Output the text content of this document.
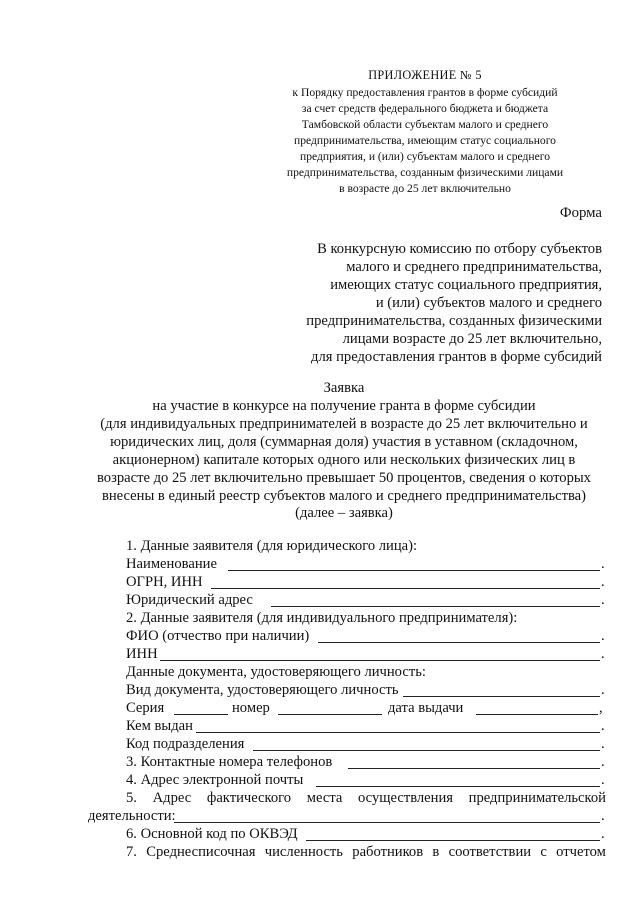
ПРИЛОЖЕНИЕ № 5
к Порядку предоставления грантов в форме субсидий
за счет средств федерального бюджета и бюджета
Тамбовской области субъектам малого и среднего
предпринимательства, имеющим статус социального
предприятия, и (или) субъектам малого и среднего
предпринимательства, созданным физическими лицами
в возрасте до 25 лет включительно
Форма
В конкурсную комиссию по отбору субъектов
малого и среднего предпринимательства,
имеющих статус социального предприятия,
и (или) субъектов малого и среднего
предпринимательства, созданных физическими
лицами возрасте до 25 лет включительно,
для предоставления грантов в форме субсидий
Заявка
на участие в конкурсе на получение гранта в форме субсидии
(для индивидуальных предпринимателей в возрасте до 25 лет включительно и
юридических лиц, доля (суммарная доля) участия в уставном (складочном,
акционерном) капитале которых одного или нескольких физических лиц в
возрасте до 25 лет включительно превышает 50 процентов, сведения о которых
внесены в единый реестр субъектов малого и среднего предпринимательства)
(далее – заявка)
1. Данные заявителя (для юридического лица):
Наименование	.
ОГРН, ИНН	.
Юридический адрес	.
2. Данные заявителя (для индивидуального предпринимателя):
ФИО (отчество при наличии)	.
ИНН	.
Данные документа, удостоверяющего личность:
Вид документа, удостоверяющего личность	.
Серия	номер	дата выдачи	,
Кем выдан	.
Код подразделения	.
3. Контактные номера телефонов	.
4. Адрес электронной почты	.
5. Адрес фактического места осуществления предпринимательской
деятельности:	.
6. Основной код по ОКВЭД	.
7. Среднесписочная численность работников в соответствии с отчетом
